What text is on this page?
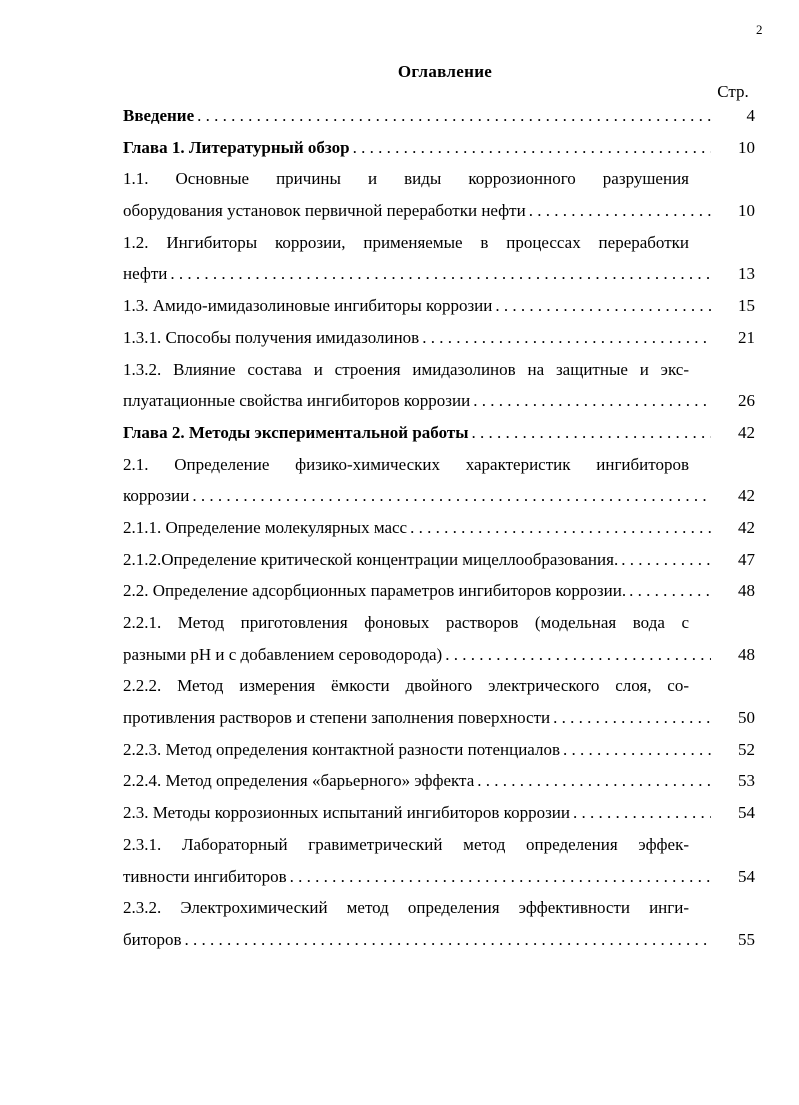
2
Оглавление
Стр.
Введение . . .	4
Глава 1. Литературный обзор . . .	10
1.1. Основные причины и виды коррозионного разрушения
оборудования установок первичной переработки нефти . . .	10
1.2. Ингибиторы коррозии, применяемые в процессах переработки
нефти . . .	13
1.3. Амидо-имидазолиновые ингибиторы коррозии . . .	15
1.3.1. Способы получения имидазолинов . . .	21
1.3.2. Влияние состава и строения имидазолинов на защитные и экс-
плуатационные свойства ингибиторов коррозии . . .	26
Глава 2. Методы экспериментальной работы . . .	42
2.1. Определение физико-химических характеристик ингибиторов
коррозии . . .	42
2.1.1. Определение молекулярных масс . . .	42
2.1.2.Определение критической концентрации мицеллообразования. . . .	47
2.2. Определение адсорбционных параметров ингибиторов коррозии. . . .	48
2.2.1. Метод приготовления фоновых растворов (модельная вода с
разными рН и с добавлением сероводорода) . . .	48
2.2.2. Метод измерения ёмкости двойного электрического слоя, со-
противления растворов и степени заполнения поверхности . . .	50
2.2.3. Метод определения контактной разности потенциалов . . .	52
2.2.4. Метод определения «барьерного» эффекта . . .	53
2.3. Методы коррозионных испытаний ингибиторов коррозии . . .	54
2.3.1. Лабораторный гравиметрический метод определения эффек-
тивности ингибиторов . . .	54
2.3.2. Электрохимический метод определения эффективности инги-
биторов . . .	55
